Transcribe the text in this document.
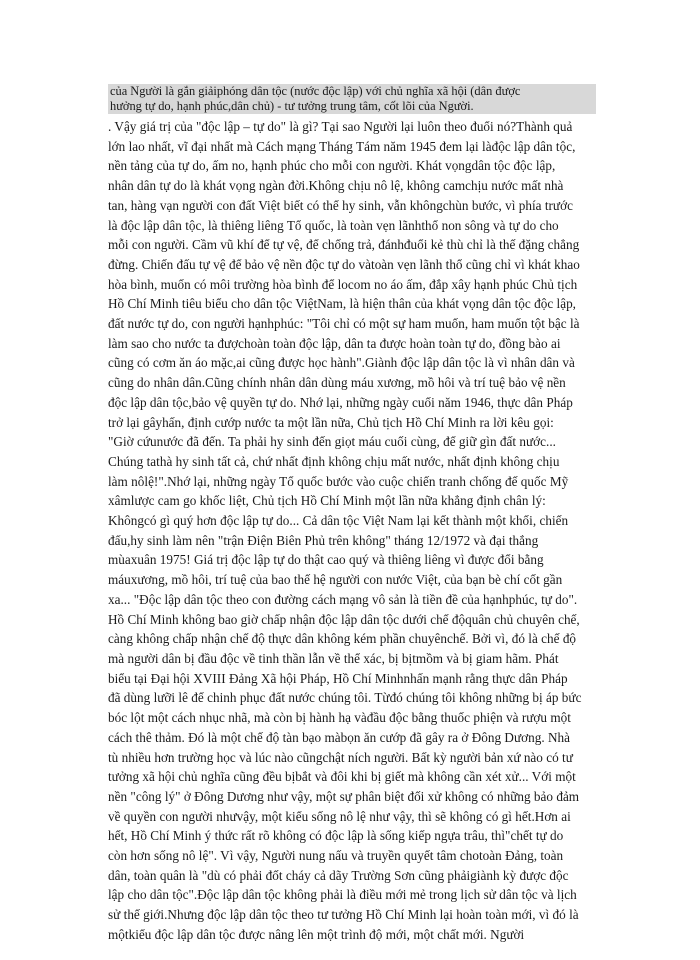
của Người là gắn giảiphóng dân tộc (nước độc lập) với chủ nghĩa xã hội (dân được
hưởng tự do, hạnh phúc,dân chủ) - tư tưởng trung tâm, cốt lõi của Người.
. Vậy giá trị của "độc lập – tự do" là gì? Tại sao Người lại luôn theo đuổi nó?Thành quả
lớn lao nhất, vĩ đại nhất mà Cách mạng Tháng Tám năm 1945 đem lại làđộc lập dân tộc,
nền tảng của tự do, ấm no, hạnh phúc cho mỗi con người. Khát vọngdân tộc độc lập,
nhân dân tự do là khát vọng ngàn đời.Không chịu nô lệ, không camchịu nước mất nhà
tan, hàng vạn người con đất Việt biết có thể hy sinh, vẫn khôngchùn bước, vì phía trước
là độc lập dân tộc, là thiêng liêng Tổ quốc, là toàn vẹn lãnhthổ non sông và tự do cho
mỗi con người. Cầm vũ khí để tự vệ, để chống trả, đánhđuổi kẻ thù chỉ là thế đặng chẳng
đừng. Chiến đấu tự vệ để bảo vệ nền độc tự do vàtoàn vẹn lãnh thổ cũng chỉ vì khát khao
hòa bình, muốn có môi trường hòa bình để locom no áo ấm, đắp xây hạnh phúc Chủ tịch
Hồ Chí Minh tiêu biểu cho dân tộc ViệtNam, là hiện thân của khát vọng dân tộc độc lập,
đất nước tự do, con người hạnhphúc: "Tôi chỉ có một sự ham muốn, ham muốn tột bậc là
làm sao cho nước ta đượchoàn toàn độc lập, dân ta được hoàn toàn tự do, đồng bào ai
cũng có cơm ăn áo mặc,ai cũng được học hành".Giành độc lập dân tộc là vì nhân dân và
cũng do nhân dân.Cũng chính nhân dân dùng máu xương, mồ hôi và trí tuệ bảo vệ nền
độc lập dân tộc,bảo vệ quyền tự do. Nhớ lại, những ngày cuối năm 1946, thực dân Pháp
trở lại gâyhấn, định cướp nước ta một lần nữa, Chủ tịch Hồ Chí Minh ra lời kêu gọi:
"Giờ cứunước đã đến. Ta phải hy sinh đến giọt máu cuối cùng, để giữ gìn đất nước...
Chúng tathà hy sinh tất cả, chứ nhất định không chịu mất nước, nhất định không chịu
làm nôlệ!".Nhớ lại, những ngày Tổ quốc bước vào cuộc chiến tranh chống đế quốc Mỹ
xâmlược cam go khốc liệt, Chủ tịch Hồ Chí Minh một lần nữa khẳng định chân lý:
Khôngcó gì quý hơn độc lập tự do... Cả dân tộc Việt Nam lại kết thành một khối, chiến
đấu,hy sinh làm nên "trận Điện Biên Phủ trên không" tháng 12/1972 và đại thắng
mùaxuân 1975! Giá trị độc lập tự do thật cao quý và thiêng liêng vì được đổi bằng
máuxương, mồ hôi, trí tuệ của bao thế hệ người con nước Việt, của bạn bè chí cốt gần
xa... "Độc lập dân tộc theo con đường cách mạng vô sản là tiền đề của hạnhphúc, tự do".
Hồ Chí Minh không bao giờ chấp nhận độc lập dân tộc dưới chế độquân chủ chuyên chế,
càng không chấp nhận chế độ thực dân không kém phần chuyênchế. Bởi vì, đó là chế độ
mà người dân bị đầu độc về tinh thần lẫn về thể xác, bị bịtmồm và bị giam hãm. Phát
biểu tại Đại hội XVIII Đảng Xã hội Pháp, Hồ Chí Minhnhấn mạnh rằng thực dân Pháp
đã dùng lưỡi lê để chinh phục đất nước chúng tôi. Từđó chúng tôi không những bị áp bức
bóc lột một cách nhục nhã, mà còn bị hành hạ vàđầu độc bằng thuốc phiện và rượu một
cách thê thảm. Đó là một chế độ tàn bạo màbọn ăn cướp đã gây ra ở Đông Dương. Nhà
tù nhiều hơn trường học và lúc nào cũngchật ních người. Bất kỳ người bản xứ nào có tư
tưởng xã hội chủ nghĩa cũng đều bịbắt và đôi khi bị giết mà không cần xét xử... Với một
nền "công lý" ở Đông Dương như vậy, một sự phân biệt đối xử không có những bảo đảm
về quyền con người nhưvậy, một kiểu sống nô lệ như vậy, thì sẽ không có gì hết.Hơn ai
hết, Hồ Chí Minh ý thức rất rõ không có độc lập là sống kiếp ngựa trâu, thì"chết tự do
còn hơn sống nô lệ". Vì vậy, Người nung nấu và truyền quyết tâm chotoàn Đảng, toàn
dân, toàn quân là "dù có phải đốt cháy cả dãy Trường Sơn cũng phảigiành kỳ được độc
lập cho dân tộc".Độc lập dân tộc không phải là điều mới mẻ trong lịch sử dân tộc và lịch
sử thế giới.Nhưng độc lập dân tộc theo tư tưởng Hồ Chí Minh lại hoàn toàn mới, vì đó là
mộtkiểu độc lập dân tộc được nâng lên một trình độ mới, một chất mới. Người
